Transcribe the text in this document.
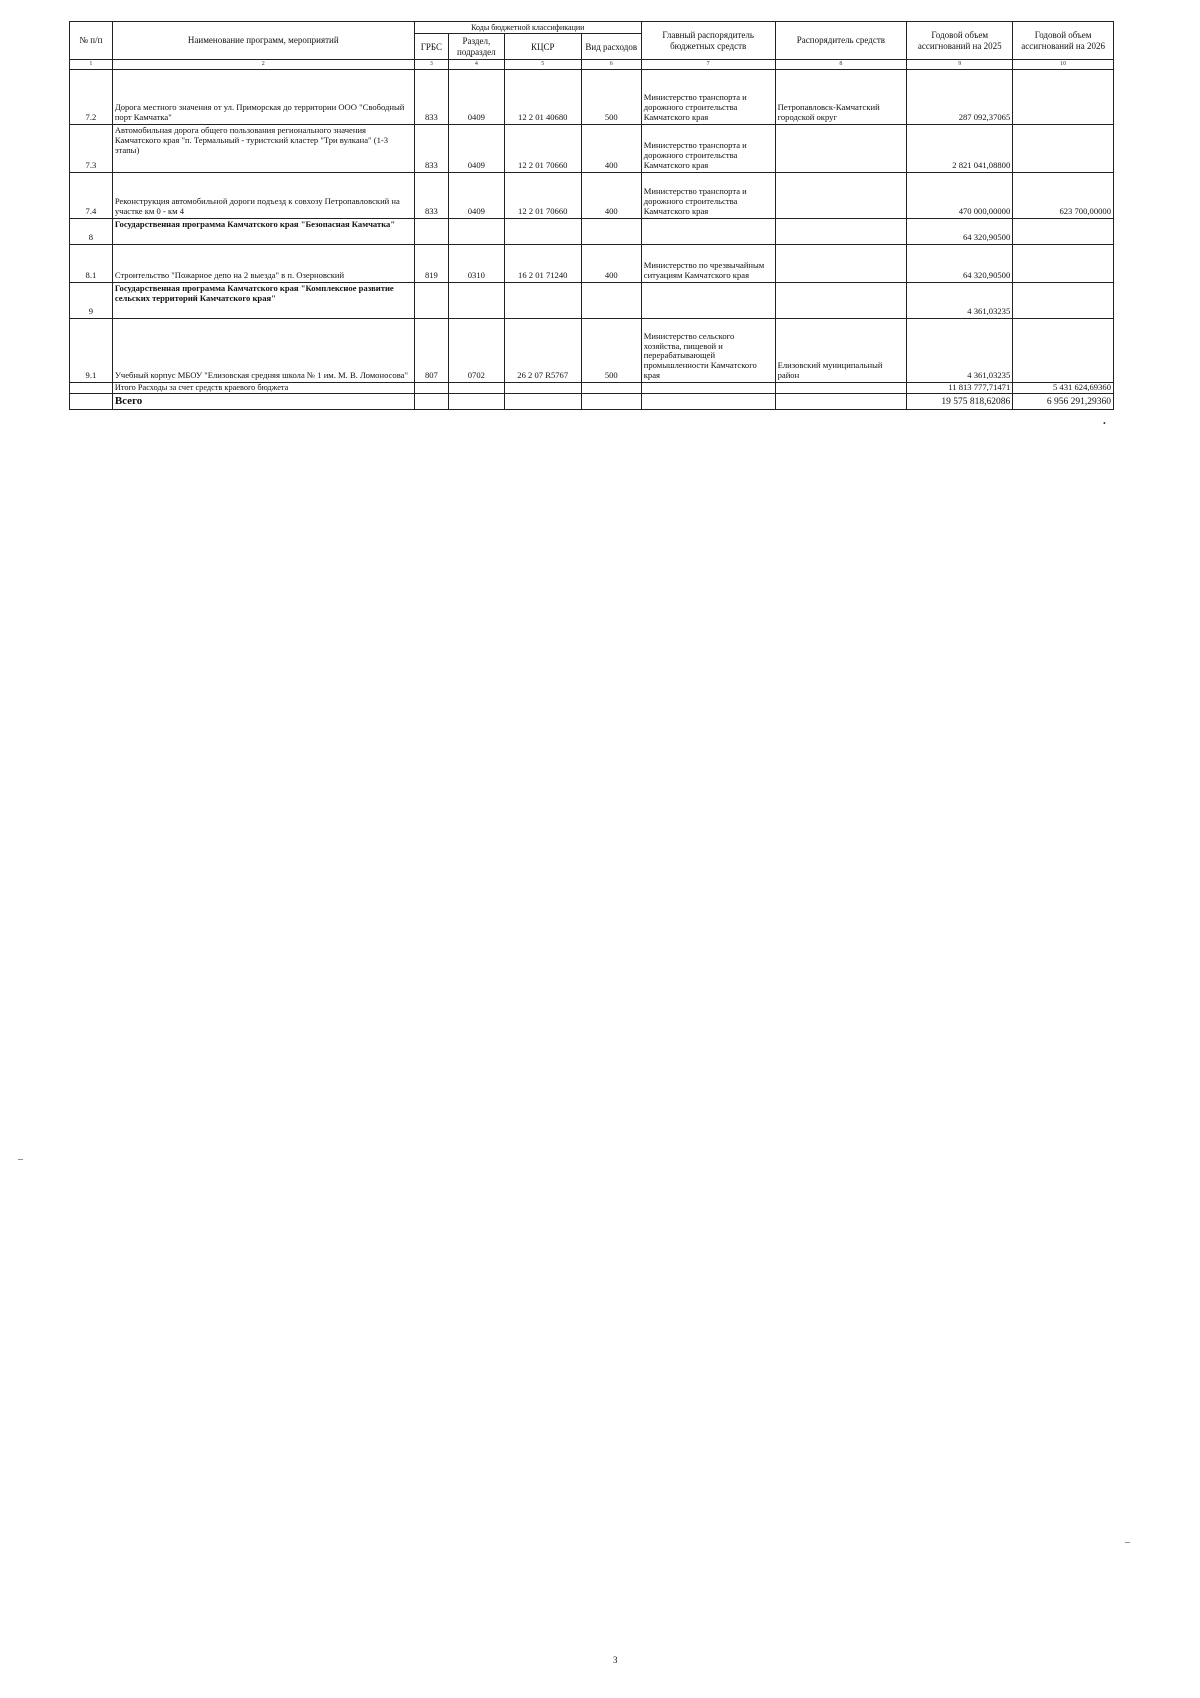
№ п/п	Наименование программ, мероприятий	Коды бюджетной классификации				Главный распорядитель бюджетных средств	Распорядитель средств	Годовой объем ассигнований на 2025	Годовой объем ассигнований на 2026
		ГРБС	Раздел, подраздел	КЦСР	Вид расходов				
1	2	3	4	5	6	7	8	9	10
7.2	Дорога местного значения от ул. Приморская до территории ООО "Свободный порт Камчатка"	833	0409	12 2 01 40680	500	Министерство транспорта и дорожного строительства Камчатского края	Петропавловск-Камчатский городской округ	287 092,37065	
7.3	Автомобильная дорога общего пользования регионального значения Камчатского края "п. Термальный - туристский кластер "Три вулкана" (1-3 этапы)	833	0409	12 2 01 70660	400	Министерство транспорта и дорожного строительства Камчатского края		2 821 041,08800	
7.4	Реконструкция автомобильной дороги подъезд к совхозу Петропавловский на участке км 0 - км 4	833	0409	12 2 01 70660	400	Министерство транспорта и дорожного строительства Камчатского края		470 000,00000	623 700,00000
8	Государственная программа Камчатского края "Безопасная Камчатка"							64 320,90500	
8.1	Строительство "Пожарное депо на 2 выезда" в п. Озерновский	819	0310	16 2 01 71240	400	Министерство по чрезвычайным ситуациям Камчатского края		64 320,90500	
9	Государственная программа Камчатского края "Комплексное развитие сельских территорий Камчатского края"							4 361,03235	
9.1	Учебный корпус МБОУ "Елизовская средняя школа № 1 им. М. В. Ломоносова"	807	0702	26 2 07 R5767	500	Министерство сельского хозяйства, пищевой и перерабатывающей промышленности Камчатского края	Елизовский муниципальный район	4 361,03235	
	Итого Расходы за счет средств краевого бюджета							11 813 777,71471	5 431 624,69360
	Всего							19 575 818,62086	6 956 291,29360
•
–
–
3
